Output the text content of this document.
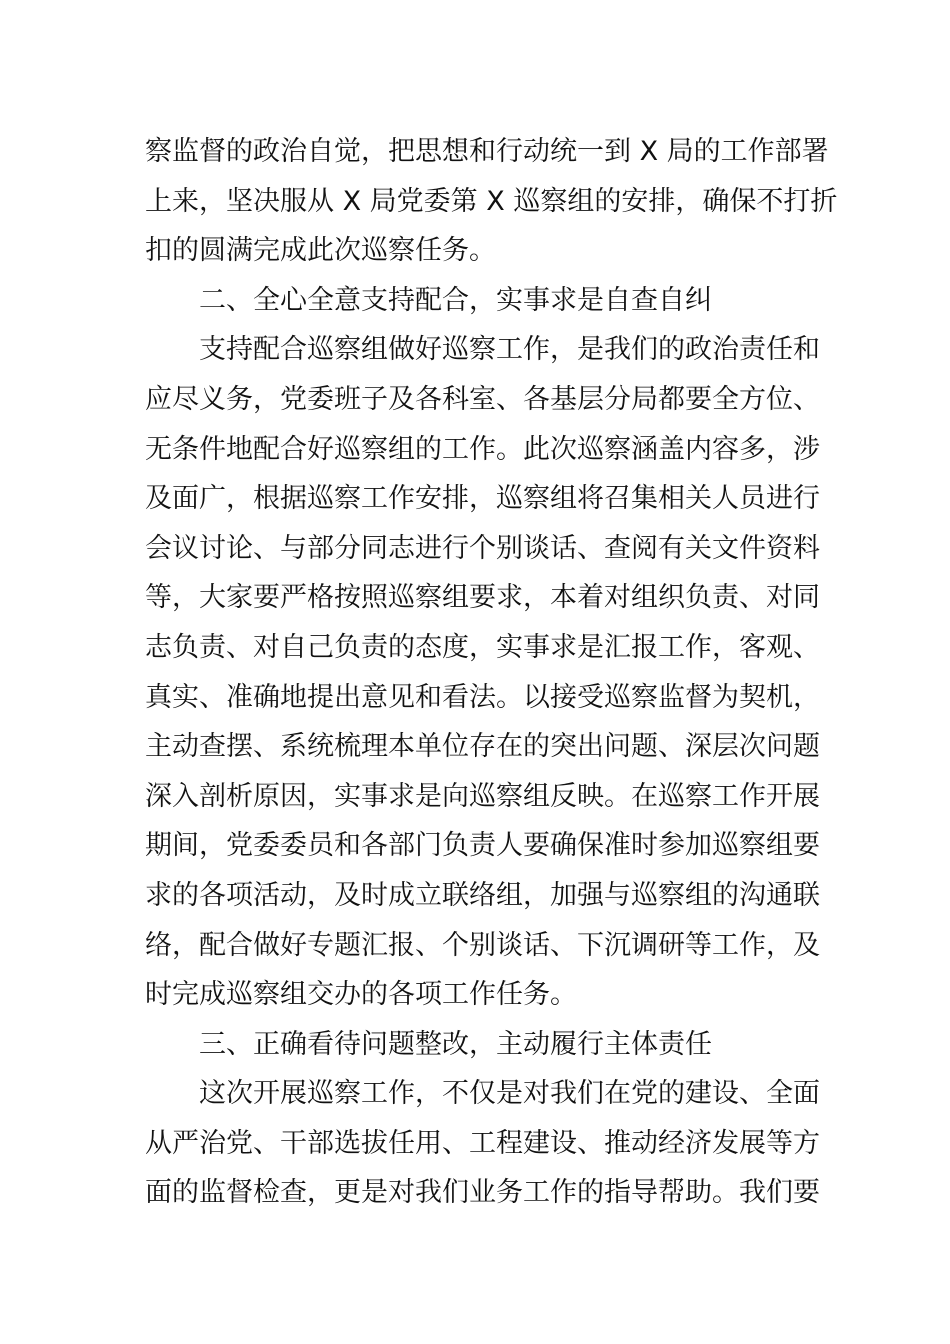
察监督的政治自觉，把思想和行动统一到 X 局的工作部署
上来，坚决服从 X 局党委第 X 巡察组的安排，确保不打折
扣的圆满完成此次巡察任务。
二、全心全意支持配合，实事求是自查自纠
支持配合巡察组做好巡察工作，是我们的政治责任和
应尽义务，党委班子及各科室、各基层分局都要全方位、
无条件地配合好巡察组的工作。此次巡察涵盖内容多，涉
及面广，根据巡察工作安排，巡察组将召集相关人员进行
会议讨论、与部分同志进行个别谈话、查阅有关文件资料
等，大家要严格按照巡察组要求，本着对组织负责、对同
志负责、对自己负责的态度，实事求是汇报工作，客观、
真实、准确地提出意见和看法。以接受巡察监督为契机，
主动查摆、系统梳理本单位存在的突出问题、深层次问题
深入剖析原因，实事求是向巡察组反映。在巡察工作开展
期间，党委委员和各部门负责人要确保准时参加巡察组要
求的各项活动，及时成立联络组，加强与巡察组的沟通联
络，配合做好专题汇报、个别谈话、下沉调研等工作，及
时完成巡察组交办的各项工作任务。
三、正确看待问题整改，主动履行主体责任
这次开展巡察工作，不仅是对我们在党的建设、全面
从严治党、干部选拔任用、工程建设、推动经济发展等方
面的监督检查，更是对我们业务工作的指导帮助。我们要
